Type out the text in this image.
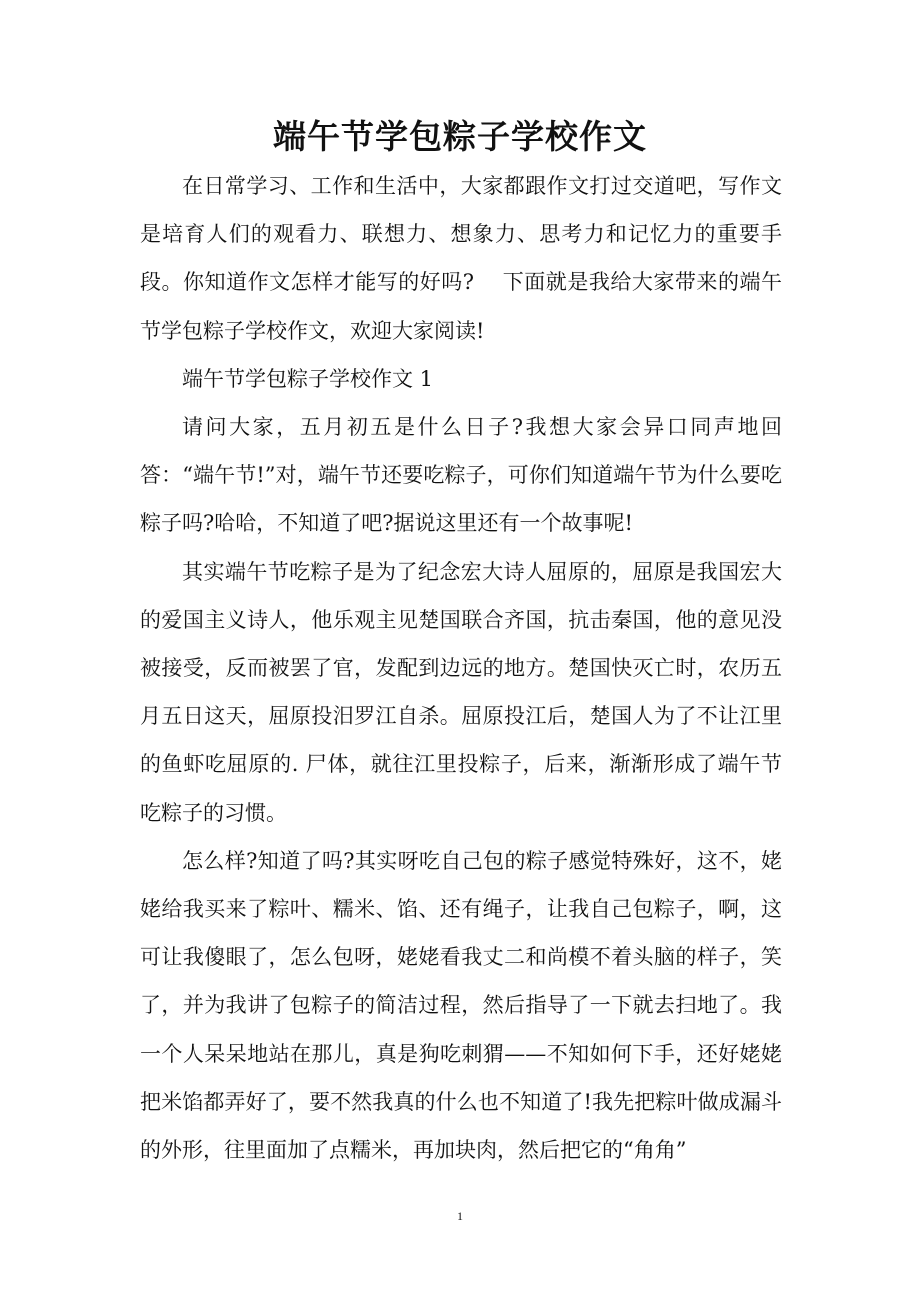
端午节学包粽子学校作文

在日常学习、工作和生活中，大家都跟作文打过交道吧，写作文是培育人们的观看力、联想力、想象力、思考力和记忆力的重要手段。你知道作文怎样才能写的好吗? 　下面就是我给大家带来的端午节学包粽子学校作文，欢迎大家阅读!

端午节学包粽子学校作文 1

请问大家，五月初五是什么日子?我想大家会异口同声地回答：“端午节!”对，端午节还要吃粽子，可你们知道端午节为什么要吃粽子吗?哈哈，不知道了吧?据说这里还有一个故事呢!

其实端午节吃粽子是为了纪念宏大诗人屈原的，屈原是我国宏大的爱国主义诗人，他乐观主见楚国联合齐国，抗击秦国，他的意见没被接受，反而被罢了官，发配到边远的地方。楚国快灭亡时，农历五月五日这天，屈原投汨罗江自杀。屈原投江后，楚国人为了不让江里的鱼虾吃屈原的. 尸体，就往江里投粽子，后来，渐渐形成了端午节吃粽子的习惯。

怎么样?知道了吗?其实呀吃自己包的粽子感觉特殊好，这不，姥姥给我买来了粽叶、糯米、馅、还有绳子，让我自己包粽子，啊，这可让我傻眼了，怎么包呀，姥姥看我丈二和尚模不着头脑的样子，笑了，并为我讲了包粽子的简洁过程，然后指导了一下就去扫地了。我一个人呆呆地站在那儿，真是狗吃刺猬——不知如何下手，还好姥姥把米馅都弄好了，要不然我真的什么也不知道了!我先把粽叶做成漏斗的外形，往里面加了点糯米，再加块肉，然后把它的“角角”

1
